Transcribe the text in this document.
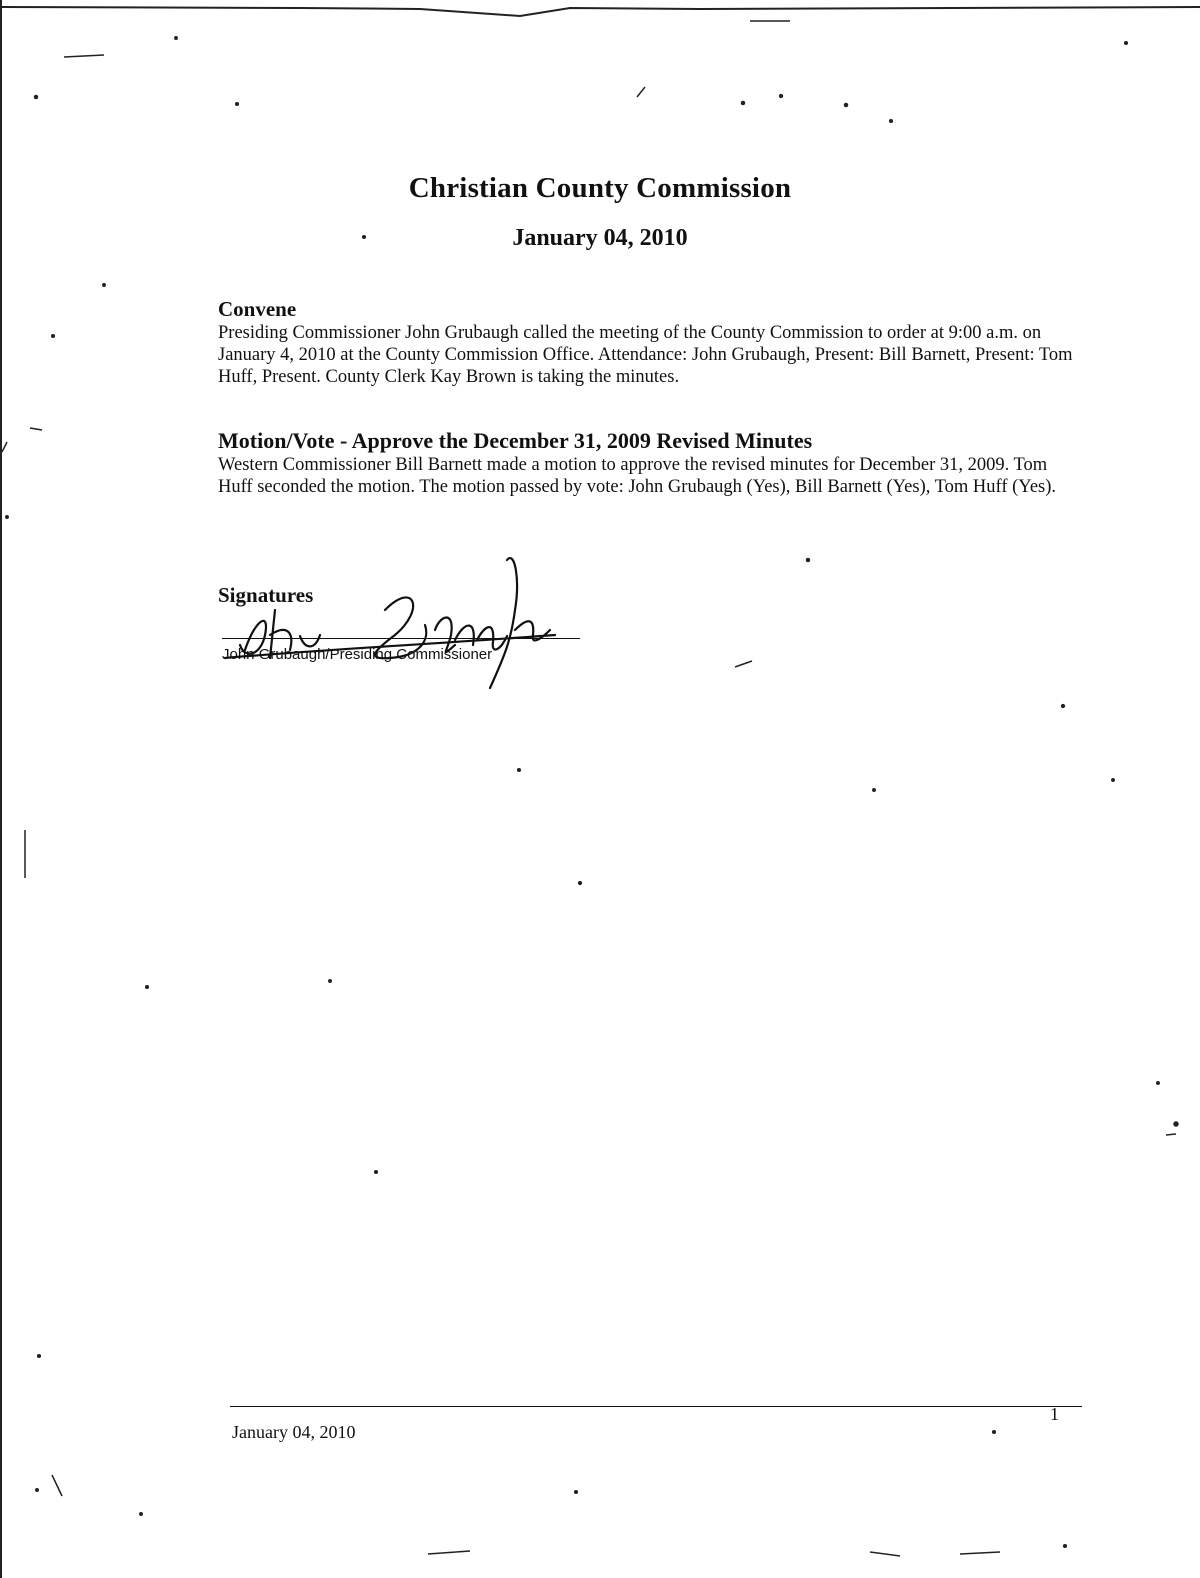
Christian County Commission
January 04, 2010
Convene

Presiding Commissioner John Grubaugh called the meeting of the County Commission to order at 9:00 a.m. on January 4, 2010 at the County Commission Office. Attendance: John Grubaugh, Present: Bill Barnett, Present: Tom Huff, Present. County Clerk Kay Brown is taking the minutes.

Motion/Vote - Approve the December 31, 2009 Revised Minutes

Western Commissioner Bill Barnett made a motion to approve the revised minutes for December 31, 2009. Tom Huff seconded the motion. The motion passed by vote: John Grubaugh (Yes), Bill Barnett (Yes), Tom Huff (Yes).

Signatures
John Grubaugh/Presiding Commissioner
January 04, 2010
1
